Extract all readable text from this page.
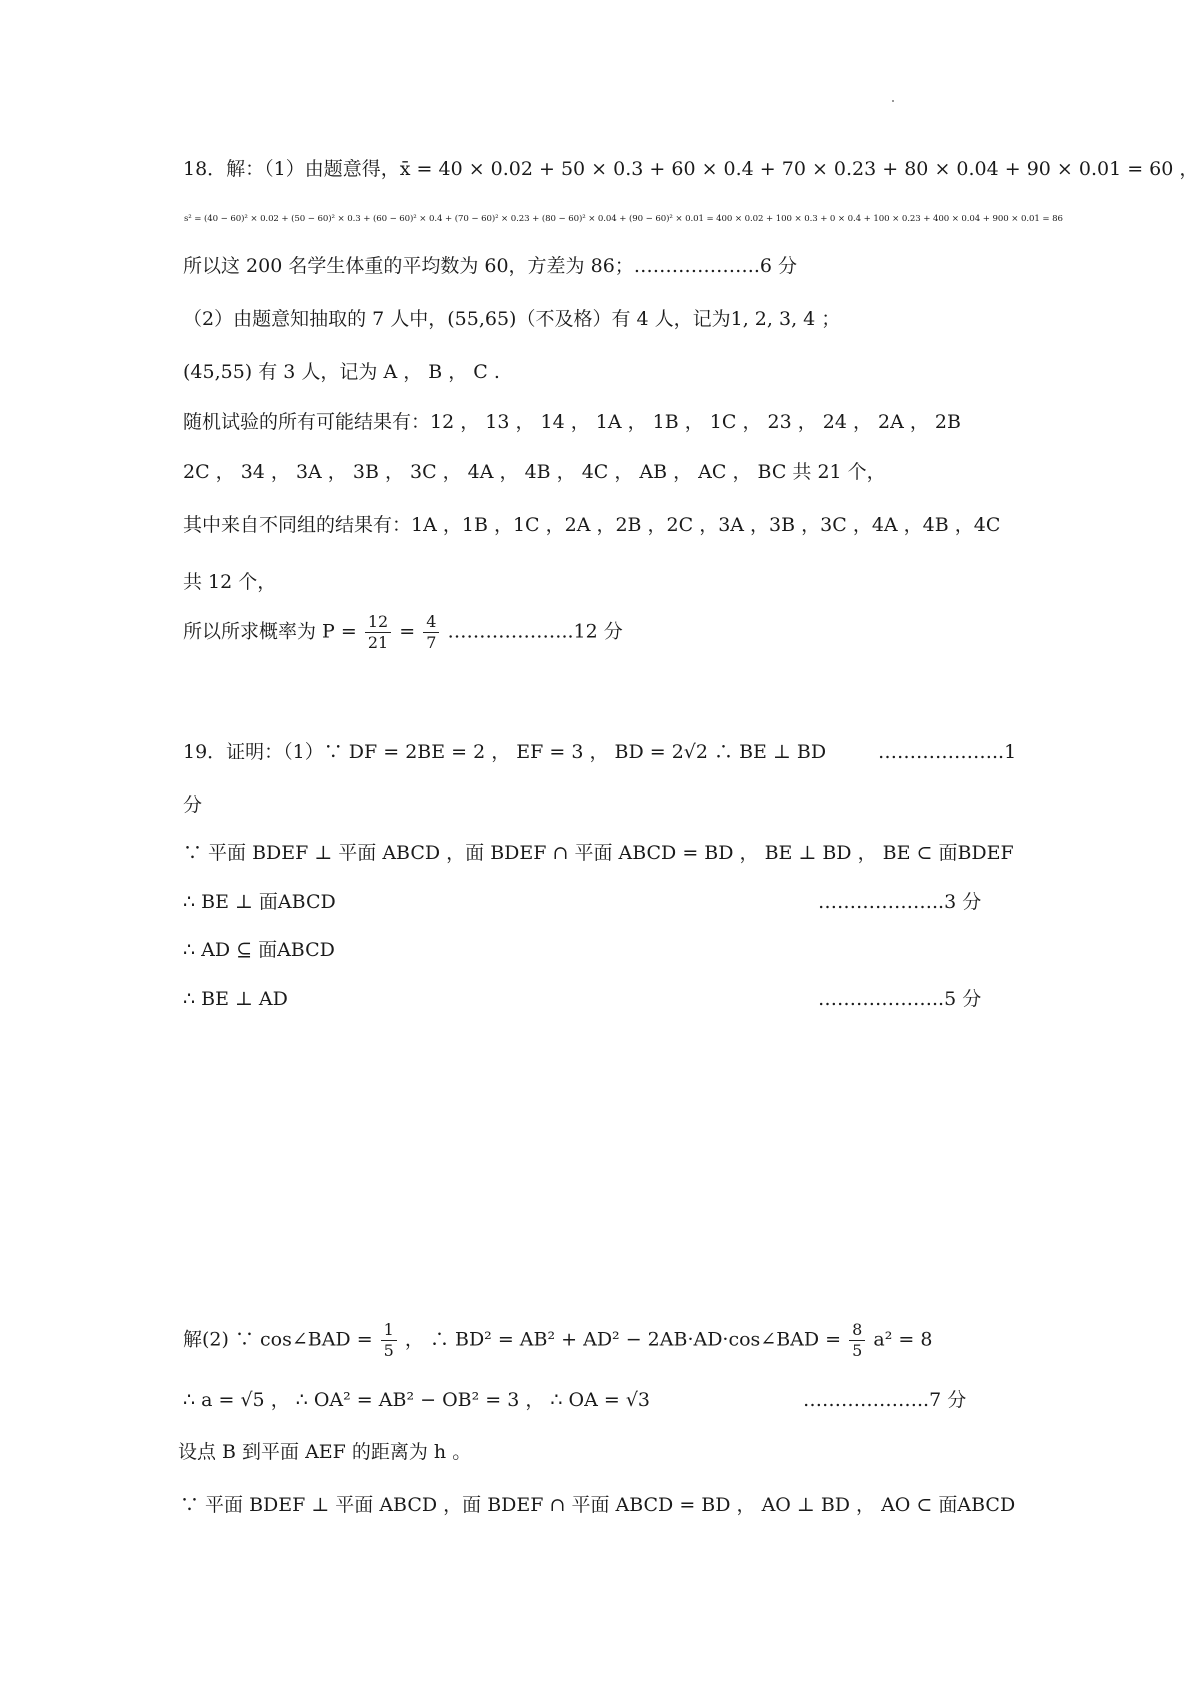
18．解：（1）由题意得，x̄ = 40 × 0.02 + 50 × 0.3 + 60 × 0.4 + 70 × 0.23 + 80 × 0.04 + 90 × 0.01 = 60 ，
s² = (40 − 60)² × 0.02 + (50 − 60)² × 0.3 + (60 − 60)² × 0.4 + (70 − 60)² × 0.23 + (80 − 60)² × 0.04 + (90 − 60)² × 0.01 = 400 × 0.02 + 100 × 0.3 + 0 × 0.4 + 100 × 0.23 + 400 × 0.04 + 900 × 0.01 = 86
所以这 200 名学生体重的平均数为 60，方差为 86；………………..6 分
（2）由题意知抽取的 7 人中，(55,65)（不及格）有 4 人，记为1, 2, 3, 4 ；
(45,55) 有 3 人，记为 A ， B ， C .
随机试验的所有可能结果有：12 ， 13 ， 14 ， 1A ， 1B ， 1C ， 23 ， 24 ， 2A ， 2B
2C ， 34 ， 3A ， 3B ， 3C ， 4A ， 4B ， 4C ， AB ， AC ， BC 共 21 个，
其中来自不同组的结果有：1A ，1B ，1C ，2A ，2B ，2C ，3A ，3B ，3C ，4A ，4B ，4C
共 12 个，
所以所求概率为 $P = \frac{12}{21} = \frac{4}{7}$ ………………..12 分
19．证明：（1）∵ DF = 2BE = 2 ， EF = 3 ， BD = 2√2 ∴ BE ⊥ BD	………………..1
分
∵ 平面 BDEF ⊥ 平面 ABCD ，面 BDEF ∩ 平面 ABCD = BD ， BE ⊥ BD ， BE ⊂ 面BDEF
∴ BE ⊥ 面ABCD	………………..3 分
∴ AD ⊆ 面ABCD
∴ BE ⊥ AD	………………..5 分
解(2) ∵ cos∠BAD = $\frac{1}{5}$ ， ∴ BD² = AB² + AD² − 2AB·AD·cos∠BAD = $\frac{8}{5} a^2 = 8$
∴ a = √5 ， ∴ OA² = AB² − OB² = 3 ， ∴ OA = √3	………………..7 分
设点 B 到平面 AEF 的距离为 h 。
∵ 平面 BDEF ⊥ 平面 ABCD ，面 BDEF ∩ 平面 ABCD = BD ， AO ⊥ BD ， AO ⊂ 面ABCD
